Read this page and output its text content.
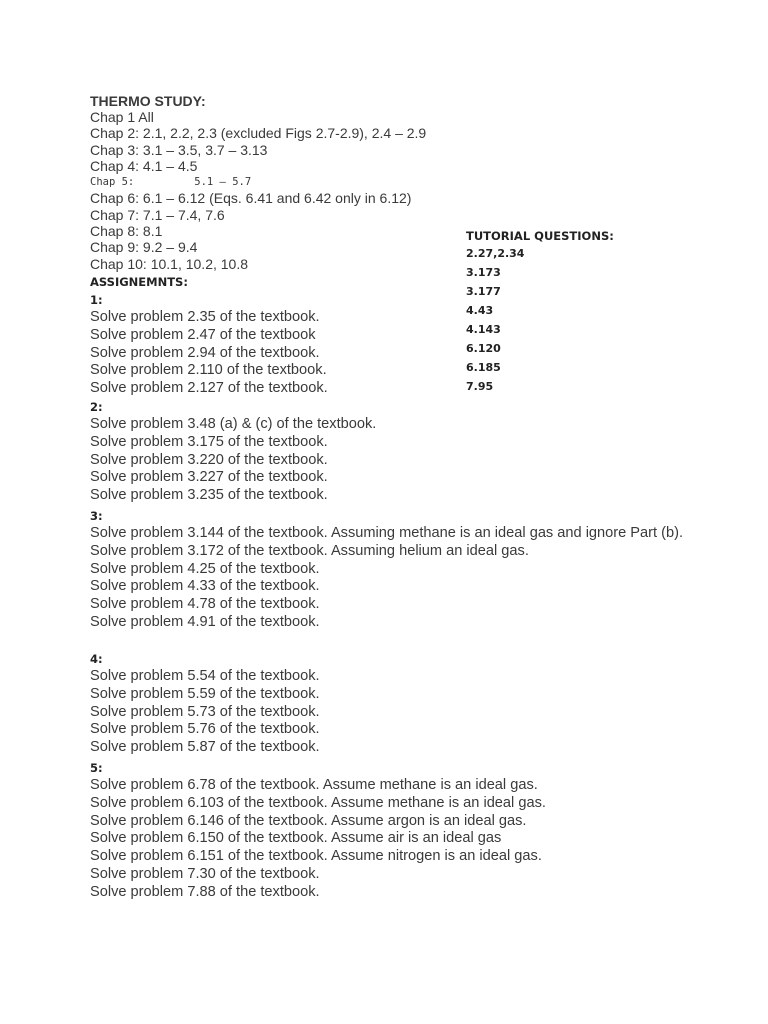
THERMO STUDY:
Chap 1 All
Chap 2: 2.1, 2.2, 2.3 (excluded Figs 2.7-2.9), 2.4 – 2.9
Chap 3: 3.1 – 3.5, 3.7 – 3.13
Chap 4: 4.1 – 4.5
Chap 5:	5.1 – 5.7
Chap 6: 6.1 – 6.12 (Eqs. 6.41 and 6.42 only in 6.12)
Chap 7: 7.1 – 7.4, 7.6
Chap 8: 8.1
Chap 9: 9.2 – 9.4
Chap 10: 10.1, 10.2, 10.8
ASSIGNEMNTS:
1:
Solve problem 2.35 of the textbook.
Solve problem 2.47 of the textbook
Solve problem 2.94 of the textbook.
Solve problem 2.110 of the textbook.
Solve problem 2.127 of the textbook.
2:
Solve problem 3.48 (a) & (c) of the textbook.
Solve problem 3.175 of the textbook.
Solve problem 3.220 of the textbook.
Solve problem 3.227 of the textbook.
Solve problem 3.235 of the textbook.
3:
Solve problem 3.144 of the textbook. Assuming methane is an ideal gas and ignore Part (b).
Solve problem 3.172 of the textbook. Assuming helium an ideal gas.
Solve problem 4.25 of the textbook.
Solve problem 4.33 of the textbook.
Solve problem 4.78 of the textbook.
Solve problem 4.91 of the textbook.
4:
Solve problem 5.54 of the textbook.
Solve problem 5.59 of the textbook.
Solve problem 5.73 of the textbook.
Solve problem 5.76 of the textbook.
Solve problem 5.87 of the textbook.
5:
Solve problem 6.78 of the textbook. Assume methane is an ideal gas.
Solve problem 6.103 of the textbook. Assume methane is an ideal gas.
Solve problem 6.146 of the textbook. Assume argon is an ideal gas.
Solve problem 6.150 of the textbook. Assume air is an ideal gas
Solve problem 6.151 of the textbook. Assume nitrogen is an ideal gas.
Solve problem 7.30 of the textbook.
Solve problem 7.88 of the textbook.
TUTORIAL QUESTIONS:
2.27,2.34
3.173
3.177
4.43
4.143
6.120
6.185
7.95
